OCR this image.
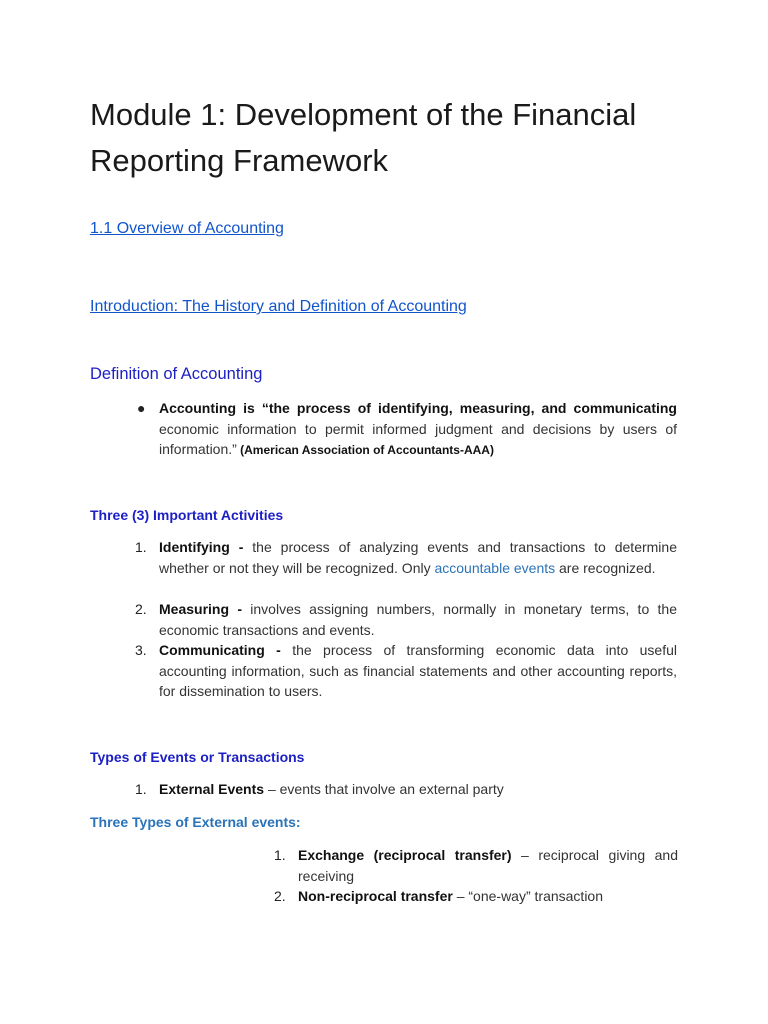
Module 1: Development of the Financial Reporting Framework
1.1 Overview of Accounting
Introduction: The History and Definition of Accounting
Definition of Accounting
● Accounting is “the process of identifying, measuring, and communicating economic information to permit informed judgment and decisions by users of information.” (American Association of Accountants-AAA)
Three (3) Important Activities
1. Identifying - the process of analyzing events and transactions to determine whether or not they will be recognized. Only accountable events are recognized.
2. Measuring - involves assigning numbers, normally in monetary terms, to the economic transactions and events.
3. Communicating - the process of transforming economic data into useful accounting information, such as financial statements and other accounting reports, for dissemination to users.
Types of Events or Transactions
1. External Events – events that involve an external party
Three Types of External events:
1. Exchange (reciprocal transfer) – reciprocal giving and receiving
2. Non-reciprocal transfer – “one-way” transaction
